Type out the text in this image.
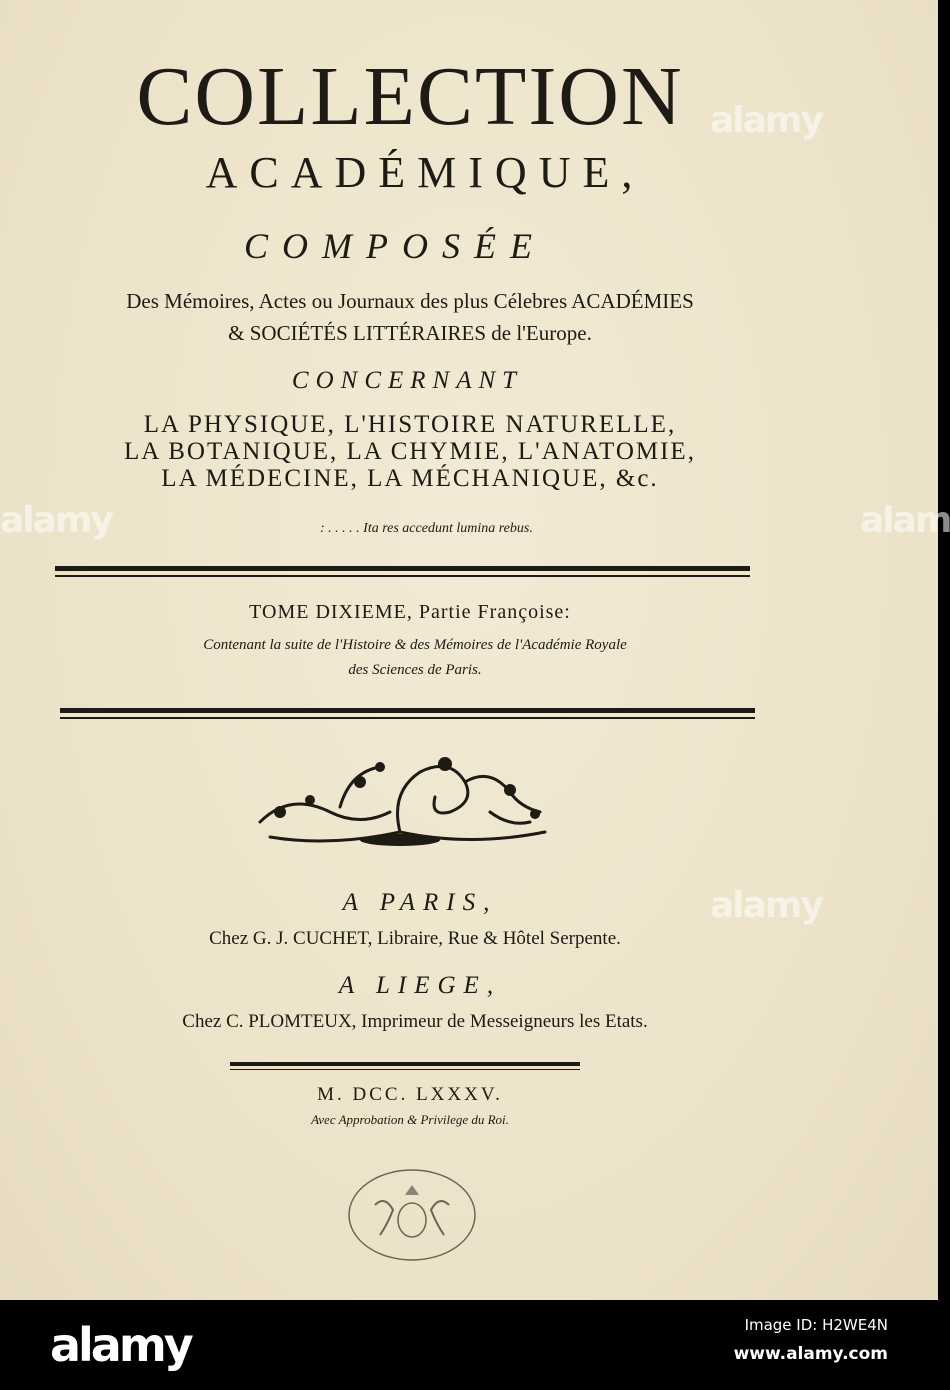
COLLECTION
ACADÉMIQUE,
COMPOSÉE
Des Mémoires, Actes ou Journaux des plus Célebres ACADÉMIES
& SOCIÉTÉS LITTÉRAIRES de l'Europe.
CONCERNANT
LA PHYSIQUE, L'HISTOIRE NATURELLE,
LA BOTANIQUE, LA CHYMIE, L'ANATOMIE,
LA MÉDECINE, LA MÉCHANIQUE, &c.
: . . . . . Ita res accedunt lumina rebus.
TOME DIXIEME, Partie Françoise:
Contenant la suite de l'Histoire & des Mémoires de l'Académie Royale
des Sciences de Paris.
A PARIS,
Chez G. J. CUCHET, Libraire, Rue & Hôtel Serpente.
A LIEGE,
Chez C. PLOMTEUX, Imprimeur de Messeigneurs les Etats.
M. DCC. LXXXV.
Avec Approbation & Privilege du Roi.
alamy	alam
alamy
alamy
alamy	Image ID: H2WE4N
www.alamy.com
